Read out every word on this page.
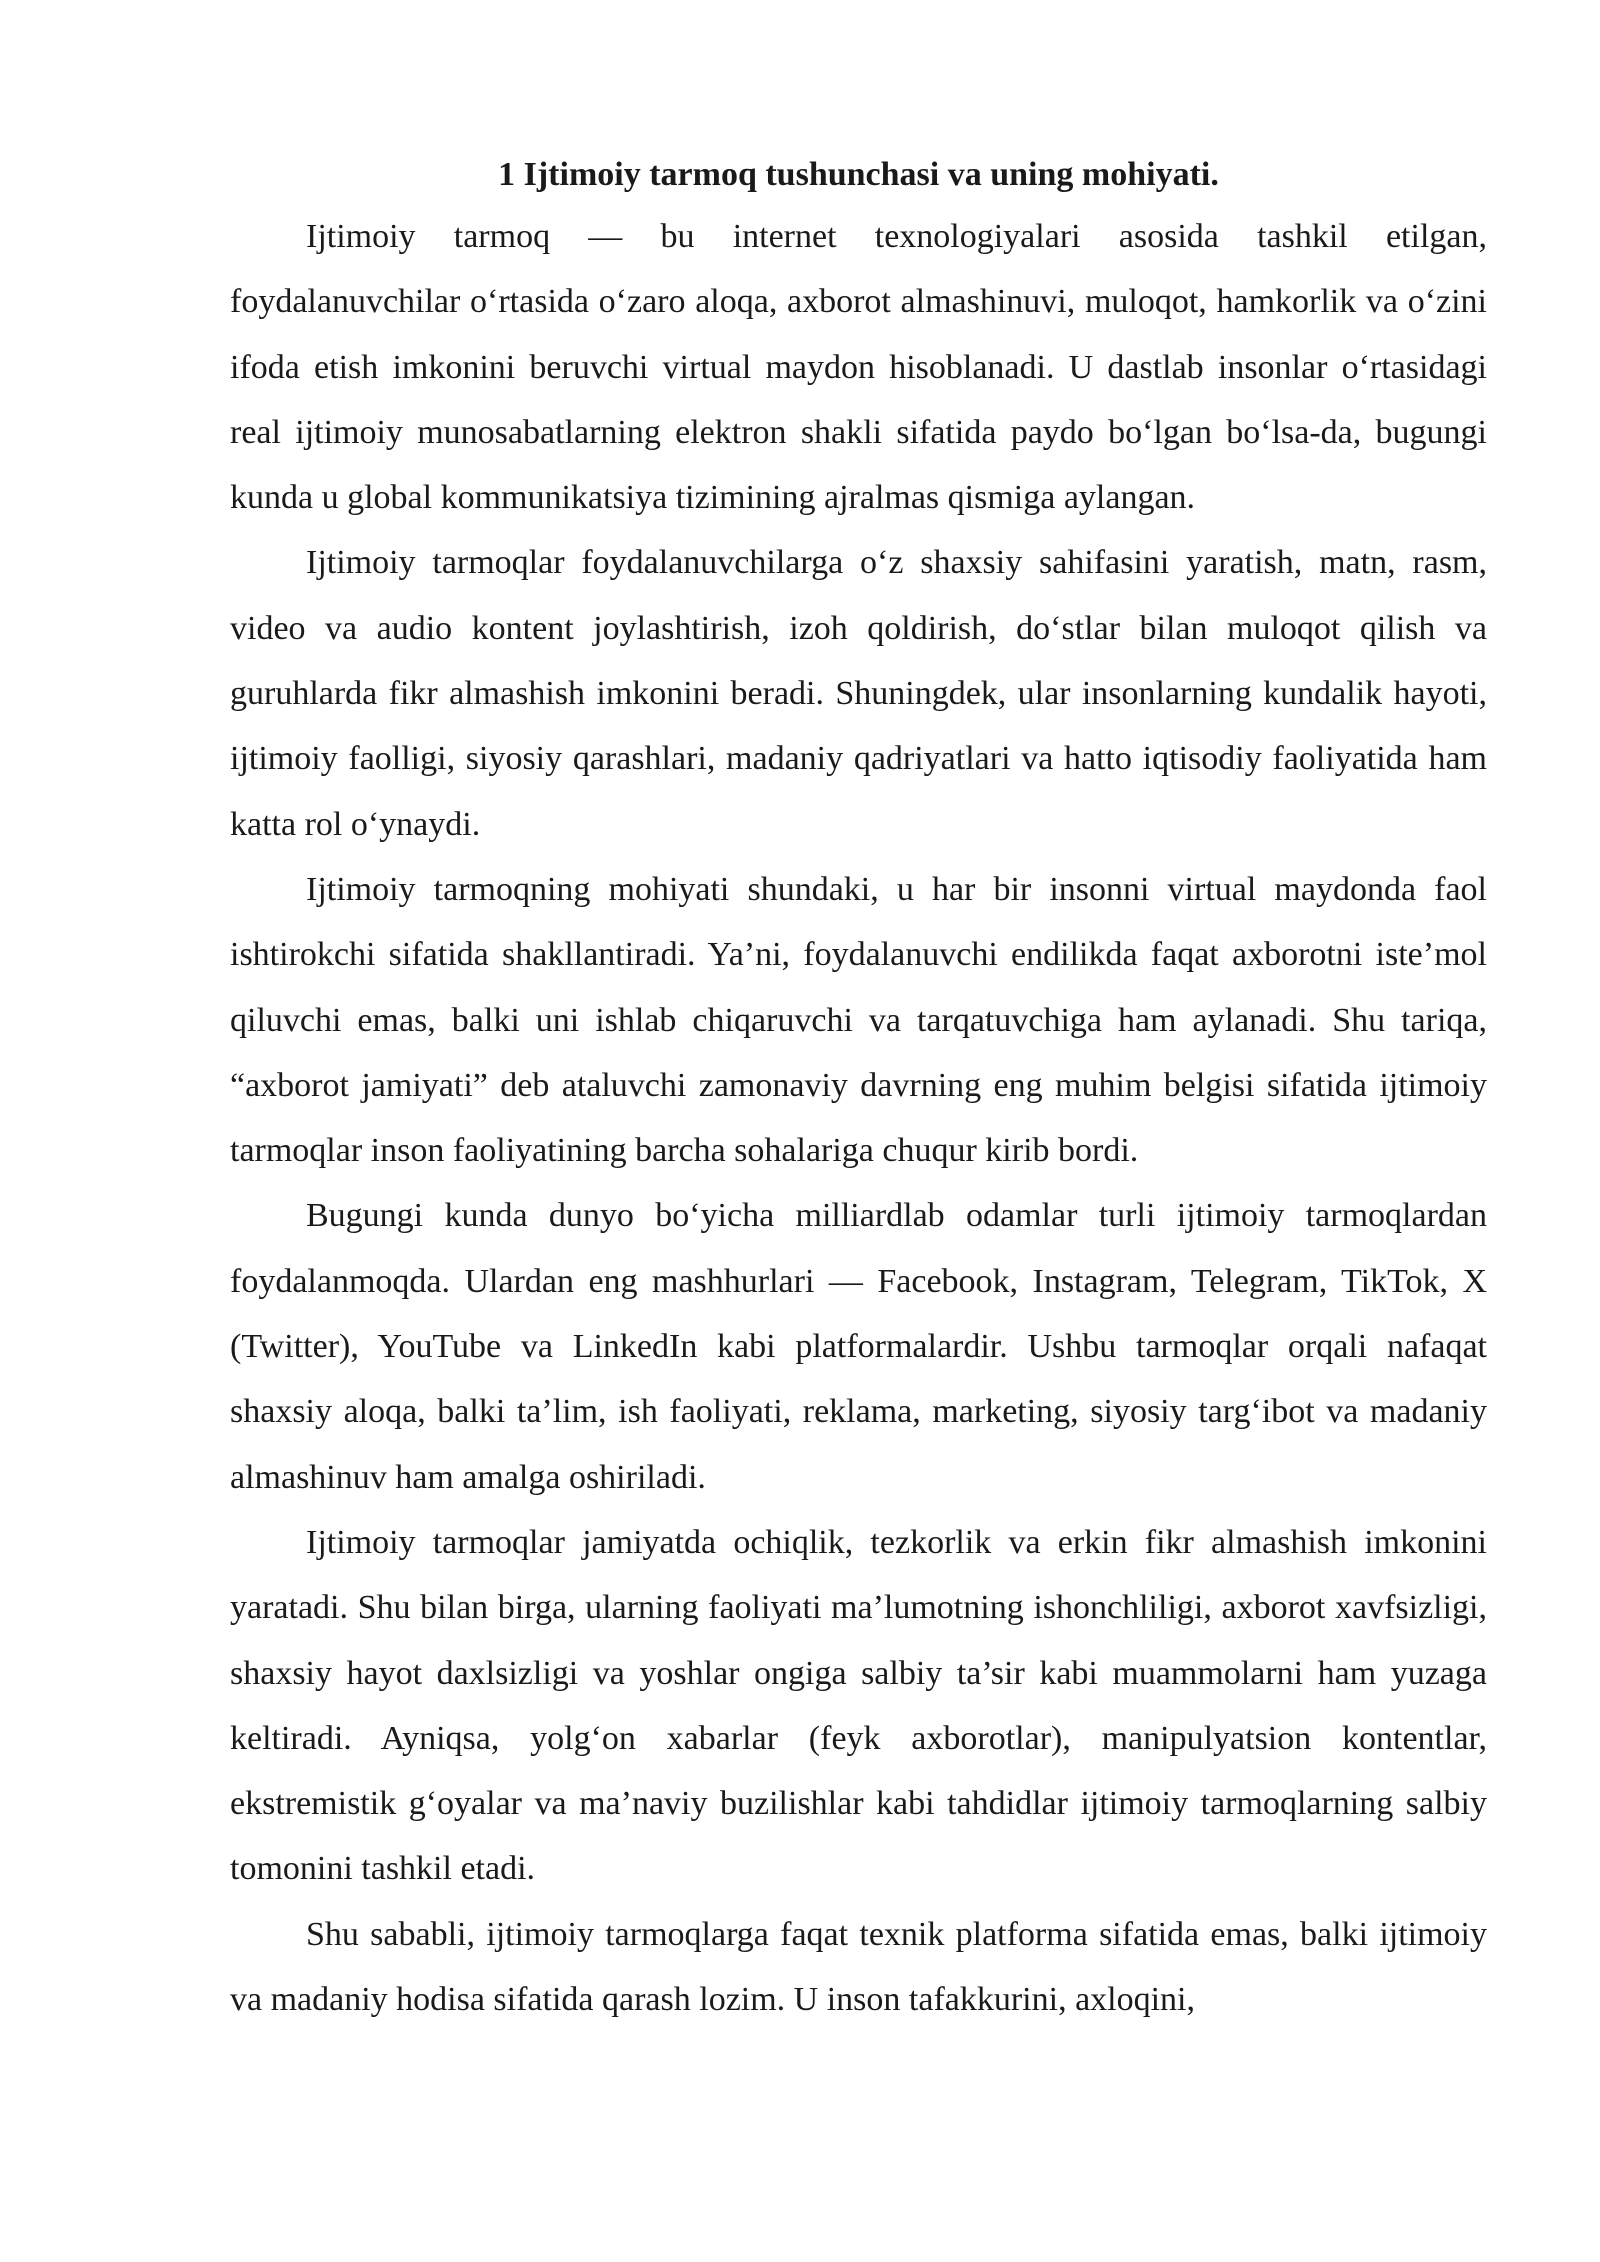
1 Ijtimoiy tarmoq tushunchasi va uning mohiyati.

Ijtimoiy tarmoq — bu internet texnologiyalari asosida tashkil etilgan, foydalanuvchilar o‘rtasida o‘zaro aloqa, axborot almashinuvi, muloqot, hamkorlik va o‘zini ifoda etish imkonini beruvchi virtual maydon hisoblanadi. U dastlab insonlar o‘rtasidagi real ijtimoiy munosabatlarning elektron shakli sifatida paydo bo‘lgan bo‘lsa-da, bugungi kunda u global kommunikatsiya tizimining ajralmas qismiga aylangan.

Ijtimoiy tarmoqlar foydalanuvchilarga o‘z shaxsiy sahifasini yaratish, matn, rasm, video va audio kontent joylashtirish, izoh qoldirish, do‘stlar bilan muloqot qilish va guruhlarda fikr almashish imkonini beradi. Shuningdek, ular insonlarning kundalik hayoti, ijtimoiy faolligi, siyosiy qarashlari, madaniy qadriyatlari va hatto iqtisodiy faoliyatida ham katta rol o‘ynaydi.

Ijtimoiy tarmoqning mohiyati shundaki, u har bir insonni virtual maydonda faol ishtirokchi sifatida shakllantiradi. Ya’ni, foydalanuvchi endilikda faqat axborotni iste’mol qiluvchi emas, balki uni ishlab chiqaruvchi va tarqatuvchiga ham aylanadi. Shu tariqa, “axborot jamiyati” deb ataluvchi zamonaviy davrning eng muhim belgisi sifatida ijtimoiy tarmoqlar inson faoliyatining barcha sohalariga chuqur kirib bordi.

Bugungi kunda dunyo bo‘yicha milliardlab odamlar turli ijtimoiy tarmoqlardan foydalanmoqda. Ulardan eng mashhurlari — Facebook, Instagram, Telegram, TikTok, X (Twitter), YouTube va LinkedIn kabi platformalardir. Ushbu tarmoqlar orqali nafaqat shaxsiy aloqa, balki ta’lim, ish faoliyati, reklama, marketing, siyosiy targ‘ibot va madaniy almashinuv ham amalga oshiriladi.

Ijtimoiy tarmoqlar jamiyatda ochiqlik, tezkorlik va erkin fikr almashish imkonini yaratadi. Shu bilan birga, ularning faoliyati ma’lumotning ishonchliligi, axborot xavfsizligi, shaxsiy hayot daxlsizligi va yoshlar ongiga salbiy ta’sir kabi muammolarni ham yuzaga keltiradi. Ayniqsa, yolg‘on xabarlar (feyk axborotlar), manipulyatsion kontentlar, ekstremistik g‘oyalar va ma’naviy buzilishlar kabi tahdidlar ijtimoiy tarmoqlarning salbiy tomonini tashkil etadi.

Shu sababli, ijtimoiy tarmoqlarga faqat texnik platforma sifatida emas, balki ijtimoiy va madaniy hodisa sifatida qarash lozim. U inson tafakkurini, axloqini,
